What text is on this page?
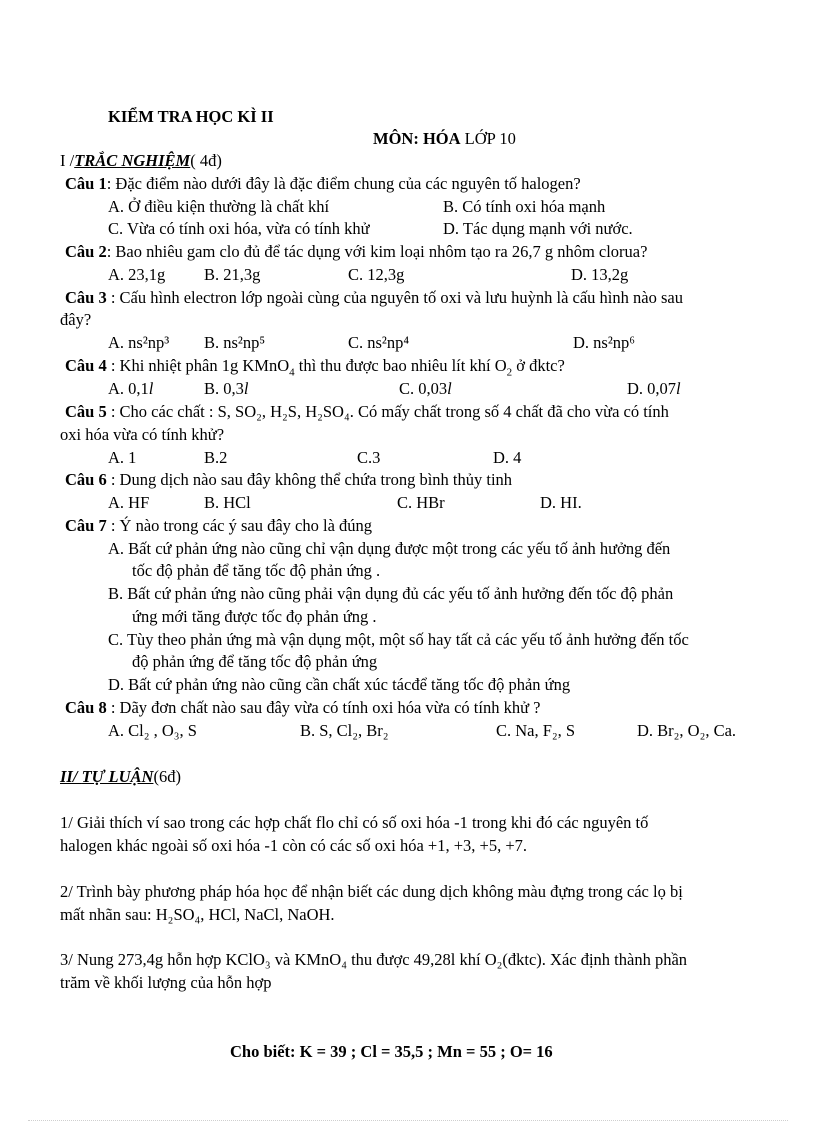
KIỂM TRA HỌC KÌ II
MÔN: HÓA LỚP 10
I /TRẮC NGHIỆM( 4đ)
Câu 1: Đặc điểm nào dưới đây là đặc điểm chung của các nguyên tố halogen?
A. Ở điều kiện thường là chất khí	B. Có tính oxi hóa mạnh
C. Vừa có tính oxi hóa, vừa có tính khử	D. Tác dụng mạnh với nước.
Câu 2: Bao nhiêu gam clo đủ để tác dụng với kim loại nhôm tạo ra 26,7 g nhôm clorua?
A. 23,1g B. 21,3g	C. 12,3g	D. 13,2g
Câu 3 : Cấu hình electron lớp ngoài cùng của nguyên tố oxi và lưu huỳnh là cấu hình nào sau
đây?
A. ns²np³ B. ns²np⁵	C. ns²np⁴	D. ns²np⁶
Câu 4 : Khi nhiệt phân 1g KMnO$_4$ thì thu được bao nhiêu lít khí $O_2$ ở đktc?
A. 0,1l	B. 0,3l	C. 0,03l	D. 0,07l
Câu 5 : Cho các chất : S, SO₂, H₂S, H₂SO₄. Có mấy chất trong số 4 chất đã cho vừa có tính
oxi hóa vừa có tính khử?
A. 1	B.2	C.3	D. 4
Câu 6 : Dung dịch nào sau đây không thể chứa trong bình thủy tinh
A. HF	B. HCl	C. HBr	D. HI.
Câu 7 : Ý nào trong các ý sau đây cho là đúng
A. Bất cứ phản ứng nào cũng chỉ vận dụng được một trong các yếu tố ảnh hưởng đến
tốc độ phản để tăng tốc độ phản ứng .
B. Bất cứ phản ứng nào cũng phải vận dụng đủ các yếu tố ảnh hưởng đến tốc độ phản
ứng mới tăng được tốc đọ phản ứng .
C. Tùy theo phản ứng mà vận dụng một, một số hay tất cả các yếu tố ảnh hưởng đến tốc
độ phản ứng để tăng tốc độ phản ứng
D. Bất cứ phản ứng nào cũng cần chất xúc tácđể tăng tốc độ phản ứng
Câu 8 : Dãy đơn chất nào sau đây vừa có tính oxi hóa vừa có tính khử ?
A. Cl₂ , O₃, S	B. S, Cl₂, Br₂	C. Na, F₂, S	D. Br₂, O₂, Ca.
II/ TỰ LUẬN(6đ)
1/ Giải thích ví sao trong các hợp chất flo chỉ có số oxi hóa -1 trong khi đó các nguyên tố
halogen khác ngoài số oxi hóa -1 còn có các số oxi hóa +1, +3, +5, +7.
2/ Trình bày phương pháp hóa học để nhận biết các dung dịch không màu đựng trong các lọ bị
mất nhãn sau: H₂SO₄, HCl, NaCl, NaOH.
3/ Nung 273,4g hỗn hợp KClO₃ và KMnO₄ thu được 49,28l khí O₂(đktc). Xác định thành phần
trăm về khối lượng của hỗn hợp
Cho biết: K = 39 ; Cl = 35,5 ; Mn = 55 ; O= 16
